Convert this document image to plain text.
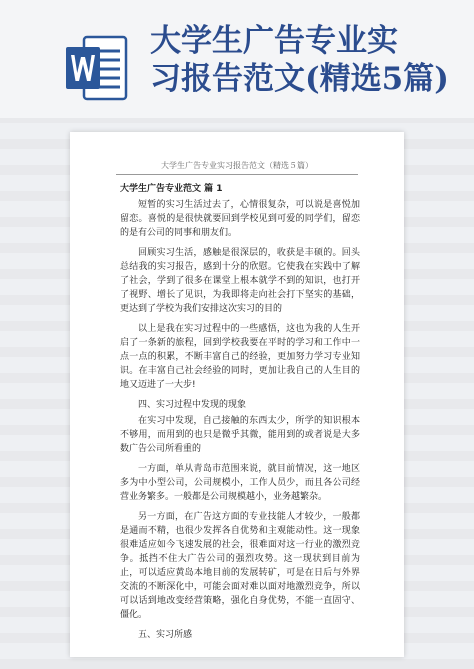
大学生广告专业实
习报告范文(精选5篇)
大学生广告专业实习报告范文（精选５篇）
大学生广告专业范文 篇 1

短暂的实习生活过去了，心情很复杂，可以说是喜悦加留恋。喜悦的是很快就要回到学校见到可爱的同学们，留恋的是有公司的同事和朋友们。

回顾实习生活，感触是很深层的，收获是丰硕的。回头总结我的实习报告，感到十分的欣慰。它使我在实践中了解了社会，学到了很多在课堂上根本就学不到的知识，也打开了视野、增长了见识，为我即将走向社会打下坚实的基础，更达到了学校为我们安排这次实习的目的

以上是我在实习过程中的一些感悟，这也为我的人生开启了一条新的旅程，回到学校我要在平时的学习和工作中一点一点的积累，不断丰富自己的经验，更加努力学习专业知识。在丰富自己社会经验的同时，更加让我自己的人生目的地又迈进了一大步!

四、实习过程中发现的现象

在实习中发现，自己接触的东西太少，所学的知识根本不够用，而用到的也只是微乎其微，能用到的或者说是大多数广告公司所看重的

一方面，单从青岛市范围来说，就目前情况，这一地区多为中小型公司，公司规模小，工作人员少，而且各公司经营业务繁多。一般都是公司规模越小，业务越繁杂。

另一方面，在广告这方面的专业技能人才较少，一般都是通而不精，也很少发挥各自优势和主观能动性。这一现象很难适应如今飞速发展的社会，很难面对这一行业的激烈竞争。抵挡不住大广告公司的强烈攻势。这一现状到目前为止，可以适应黄岛本地目前的发展转矿，可是在日后与外界交流的不断深化中，可能会面对难以面对地激烈竞争，所以可以话到地改变经营策略，强化自身优势，不能一直固守、僵化。

五、实习所感
